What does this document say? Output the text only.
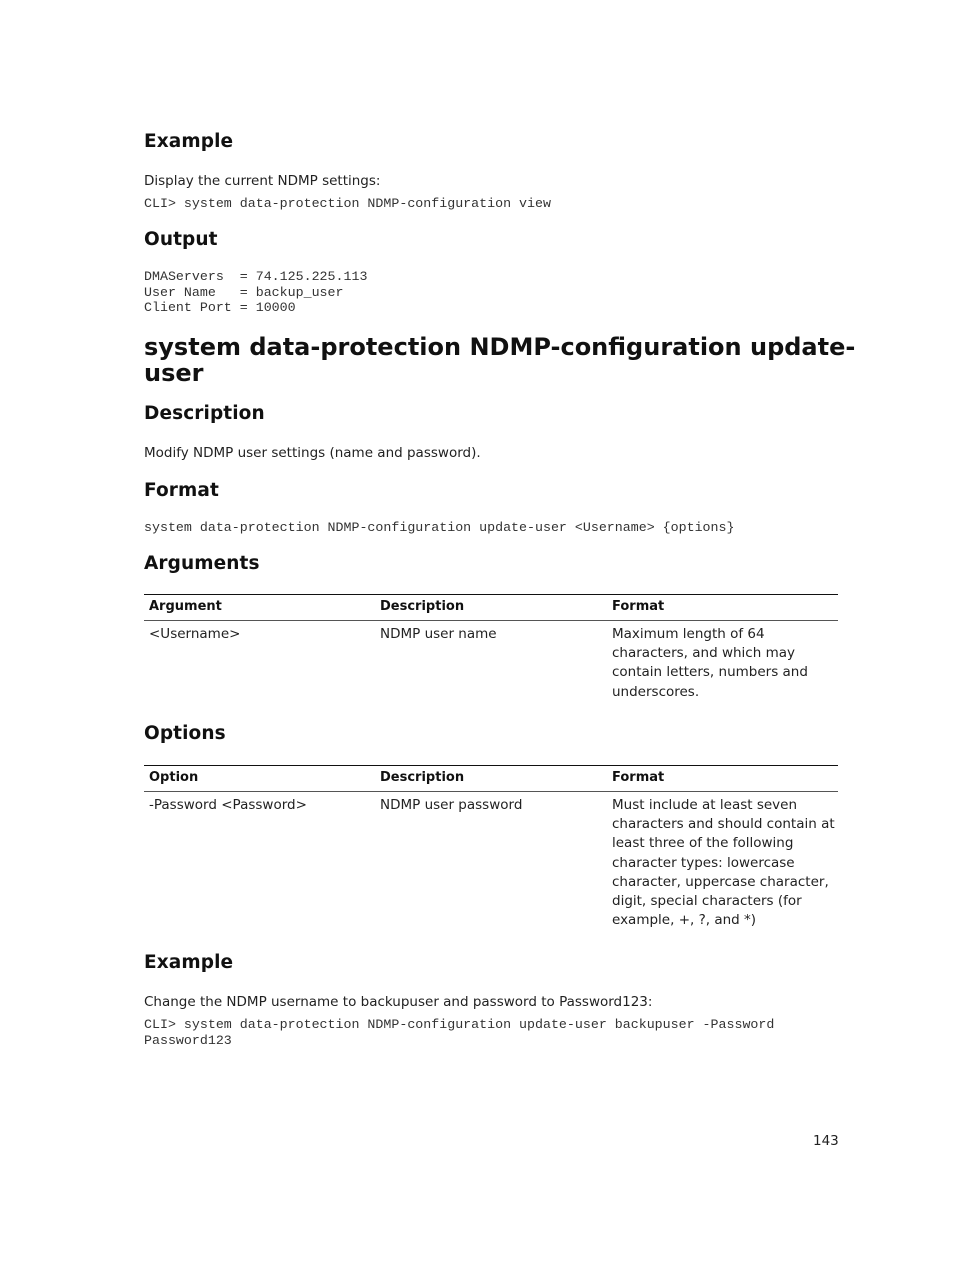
Example
Display the current NDMP settings:
CLI> system data-protection NDMP-configuration view
Output
DMAServers  = 74.125.225.113
User Name   = backup_user
Client Port = 10000
system data-protection NDMP-configuration update-
user
Description
Modify NDMP user settings (name and password).
Format
system data-protection NDMP-configuration update-user <Username> {options}
Arguments
Argument	Description	Format
<Username>	NDMP user name	Maximum length of 64 characters, and which may contain letters, numbers and underscores.
Options
Option	Description	Format
-Password <Password>	NDMP user password	Must include at least seven characters and should contain at least three of the following character types: lowercase character, uppercase character, digit, special characters (for example, +, ?, and *)
Example
Change the NDMP username to backupuser and password to Password123:
CLI> system data-protection NDMP-configuration update-user backupuser -Password
Password123
143
